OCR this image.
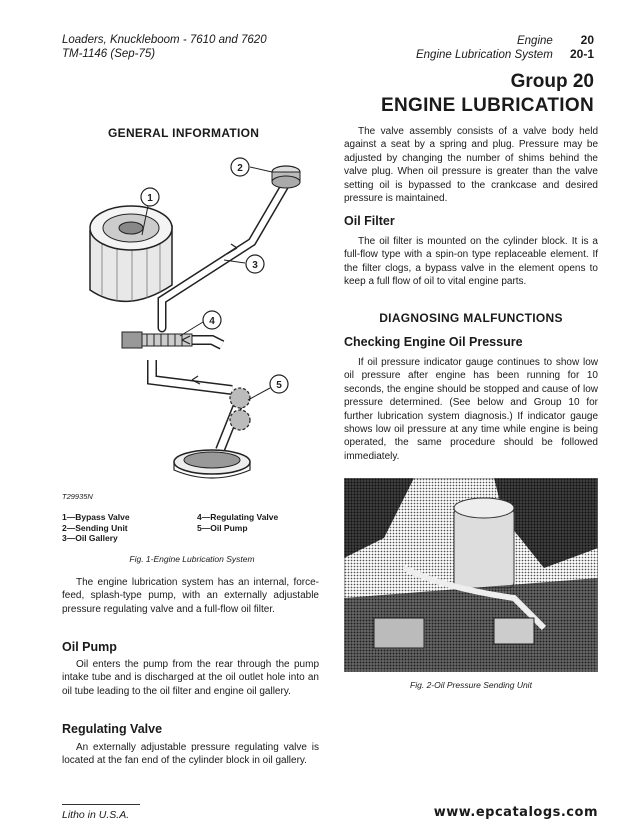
Loaders, Knuckleboom - 7610 and 7620
TM-1146 (Sep-75)
Engine 20
Engine Lubrication System 20-1
Group 20
ENGINE LUBRICATION
GENERAL INFORMATION
1
2
3
4
5
T29935N
1—Bypass Valve
2—Sending Unit
3—Oil Gallery
4—Regulating Valve
5—Oil Pump
Fig. 1-Engine Lubrication System
The engine lubrication system has an internal, force-feed, splash-type pump, with an externally adjustable pressure regulating valve and a full-flow oil filter.
Oil Pump
Oil enters the pump from the rear through the pump intake tube and is discharged at the oil outlet hole into an oil tube leading to the oil filter and engine oil gallery.
Regulating Valve
An externally adjustable pressure regulating valve is located at the fan end of the cylinder block in oil gallery.
Litho in U.S.A.
The valve assembly consists of a valve body held against a seat by a spring and plug. Pressure may be adjusted by changing the number of shims behind the valve plug. When oil pressure is greater than the valve setting oil is bypassed to the crankcase and desired pressure is maintained.
Oil Filter
The oil filter is mounted on the cylinder block. It is a full-flow type with a spin-on type replaceable element. If the filter clogs, a bypass valve in the element opens to keep a full flow of oil to vital engine parts.
DIAGNOSING MALFUNCTIONS
Checking Engine Oil Pressure
If oil pressure indicator gauge continues to show low oil pressure after engine has been running for 10 seconds, the engine should be stopped and cause of low pressure determined. (See below and Group 10 for further lubrication system diagnosis.) If indicator gauge shows low oil pressure at any time while engine is being operated, the same procedure should be followed immediately.
Fig. 2-Oil Pressure Sending Unit
www.epcatalogs.com
